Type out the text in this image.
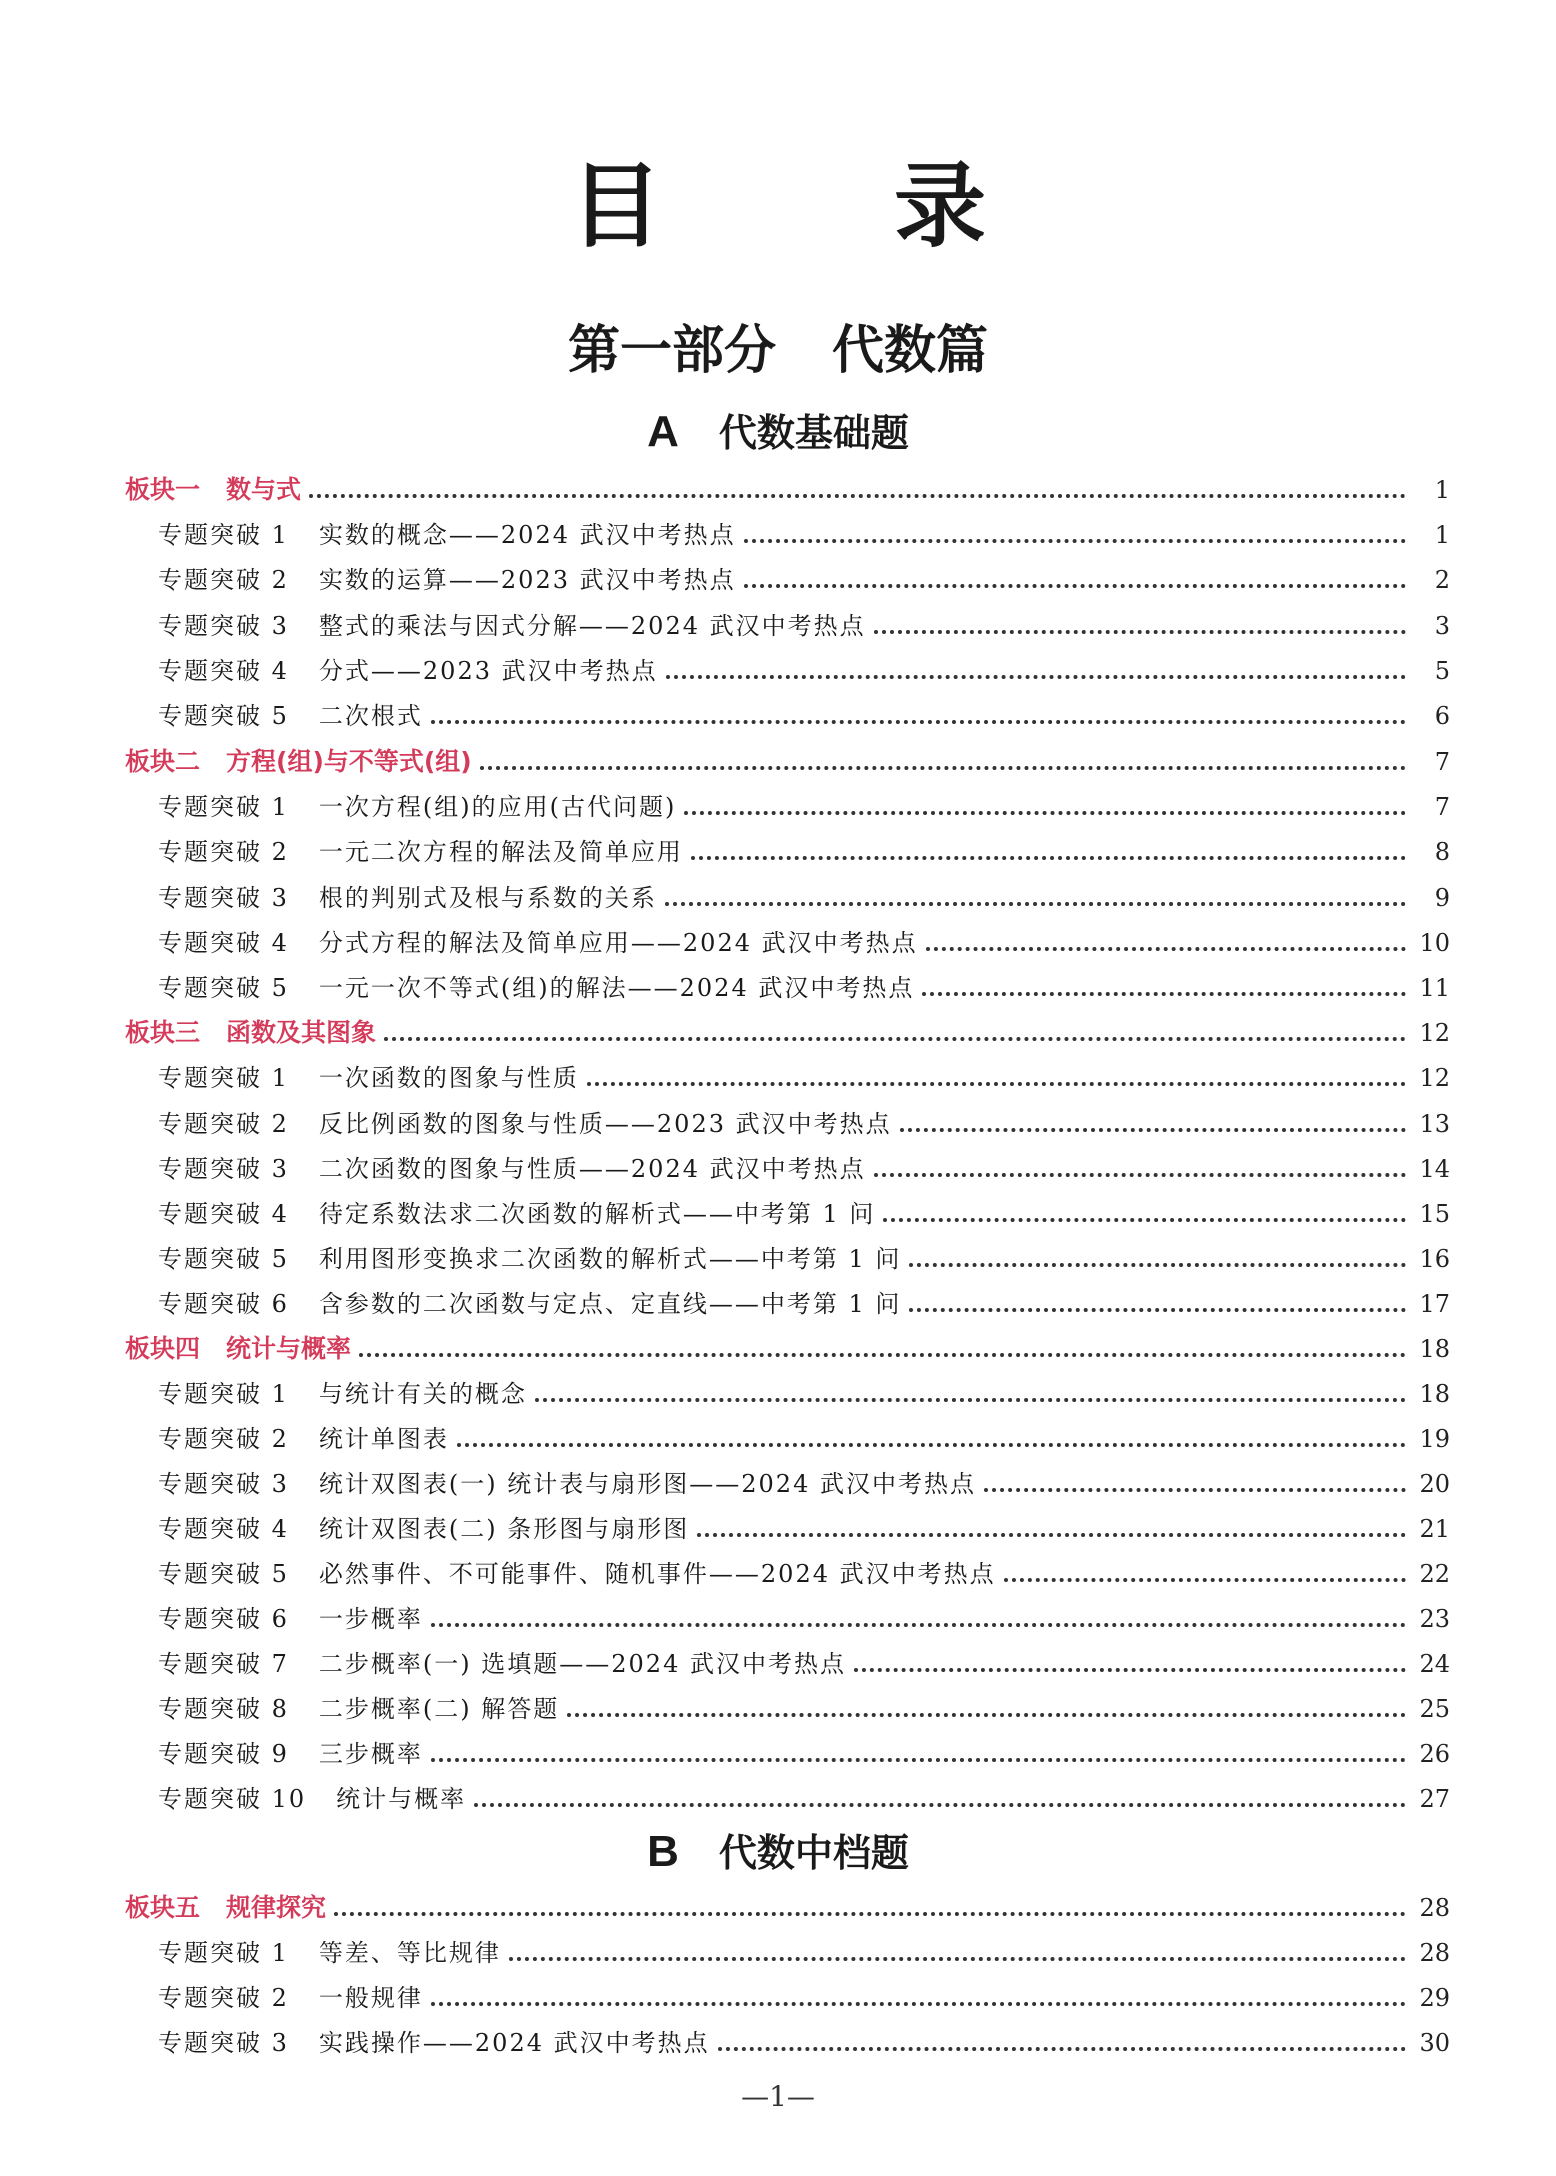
目 录
第一部分 代数篇
A 代数基础题
板块一 数与式	1
专题突破 1 实数的概念——2024 武汉中考热点	1
专题突破 2 实数的运算——2023 武汉中考热点	2
专题突破 3 整式的乘法与因式分解——2024 武汉中考热点	3
专题突破 4 分式——2023 武汉中考热点	5
专题突破 5 二次根式	6
板块二 方程(组)与不等式(组)	7
专题突破 1 一次方程(组)的应用(古代问题)	7
专题突破 2 一元二次方程的解法及简单应用	8
专题突破 3 根的判别式及根与系数的关系	9
专题突破 4 分式方程的解法及简单应用——2024 武汉中考热点	10
专题突破 5 一元一次不等式(组)的解法——2024 武汉中考热点	11
板块三 函数及其图象	12
专题突破 1 一次函数的图象与性质	12
专题突破 2 反比例函数的图象与性质——2023 武汉中考热点	13
专题突破 3 二次函数的图象与性质——2024 武汉中考热点	14
专题突破 4 待定系数法求二次函数的解析式——中考第 1 问	15
专题突破 5 利用图形变换求二次函数的解析式——中考第 1 问	16
专题突破 6 含参数的二次函数与定点、定直线——中考第 1 问	17
板块四 统计与概率	18
专题突破 1 与统计有关的概念	18
专题突破 2 统计单图表	19
专题突破 3 统计双图表(一) 统计表与扇形图——2024 武汉中考热点	20
专题突破 4 统计双图表(二) 条形图与扇形图	21
专题突破 5 必然事件、不可能事件、随机事件——2024 武汉中考热点	22
专题突破 6 一步概率	23
专题突破 7 二步概率(一) 选填题——2024 武汉中考热点	24
专题突破 8 二步概率(二) 解答题	25
专题突破 9 三步概率	26
专题突破 10 统计与概率	27
B 代数中档题
板块五 规律探究	28
专题突破 1 等差、等比规律	28
专题突破 2 一般规律	29
专题突破 3 实践操作——2024 武汉中考热点	30
—1—
